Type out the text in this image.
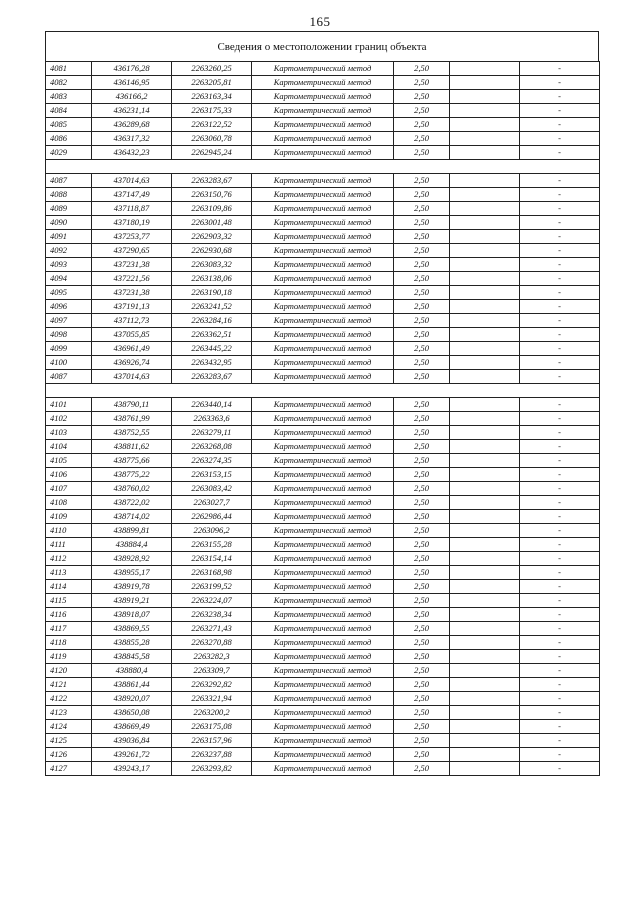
165
Сведения о местоположении границ объекта
4081	436176,28	2263260,25	Картометрический метод	2,50		-
4082	436146,95	2263205,81	Картометрический метод	2,50		-
4083	436166,2	2263163,34	Картометрический метод	2,50		-
4084	436231,14	2263175,33	Картометрический метод	2,50		-
4085	436289,68	2263122,52	Картометрический метод	2,50		-
4086	436317,32	2263060,78	Картометрический метод	2,50		-
4029	436432,23	2262945,24	Картометрический метод	2,50		-

4087	437014,63	2263283,67	Картометрический метод	2,50		-
4088	437147,49	2263150,76	Картометрический метод	2,50		-
4089	437118,87	2263109,86	Картометрический метод	2,50		-
4090	437180,19	2263001,48	Картометрический метод	2,50		-
4091	437253,77	2262903,32	Картометрический метод	2,50		-
4092	437290,65	2262930,68	Картометрический метод	2,50		-
4093	437231,38	2263083,32	Картометрический метод	2,50		-
4094	437221,56	2263138,06	Картометрический метод	2,50		-
4095	437231,38	2263190,18	Картометрический метод	2,50		-
4096	437191,13	2263241,52	Картометрический метод	2,50		-
4097	437112,73	2263284,16	Картометрический метод	2,50		-
4098	437055,85	2263362,51	Картометрический метод	2,50		-
4099	436961,49	2263445,22	Картометрический метод	2,50		-
4100	436926,74	2263432,95	Картометрический метод	2,50		-
4087	437014,63	2263283,67	Картометрический метод	2,50		-

4101	438790,11	2263440,14	Картометрический метод	2,50		-
4102	438761,99	2263363,6	Картометрический метод	2,50		-
4103	438752,55	2263279,11	Картометрический метод	2,50		-
4104	438811,62	2263268,08	Картометрический метод	2,50		-
4105	438775,66	2263274,35	Картометрический метод	2,50		-
4106	438775,22	2263153,15	Картометрический метод	2,50		-
4107	438760,02	2263083,42	Картометрический метод	2,50		-
4108	438722,02	2263027,7	Картометрический метод	2,50		-
4109	438714,02	2262986,44	Картометрический метод	2,50		-
4110	438899,81	2263096,2	Картометрический метод	2,50		-
4111	438884,4	2263155,28	Картометрический метод	2,50		-
4112	438928,92	2263154,14	Картометрический метод	2,50		-
4113	438955,17	2263168,98	Картометрический метод	2,50		-
4114	438919,78	2263199,52	Картометрический метод	2,50		-
4115	438919,21	2263224,07	Картометрический метод	2,50		-
4116	438918,07	2263238,34	Картометрический метод	2,50		-
4117	438869,55	2263271,43	Картометрический метод	2,50		-
4118	438855,28	2263270,88	Картометрический метод	2,50		-
4119	438845,58	2263282,3	Картометрический метод	2,50		-
4120	438880,4	2263309,7	Картометрический метод	2,50		-
4121	438861,44	2263292,82	Картометрический метод	2,50		-
4122	438920,07	2263321,94	Картометрический метод	2,50		-
4123	438650,08	2263200,2	Картометрический метод	2,50		-
4124	438669,49	2263175,08	Картометрический метод	2,50		-
4125	439036,84	2263157,96	Картометрический метод	2,50		-
4126	439261,72	2263237,88	Картометрический метод	2,50		-
4127	439243,17	2263293,82	Картометрический метод	2,50		-
